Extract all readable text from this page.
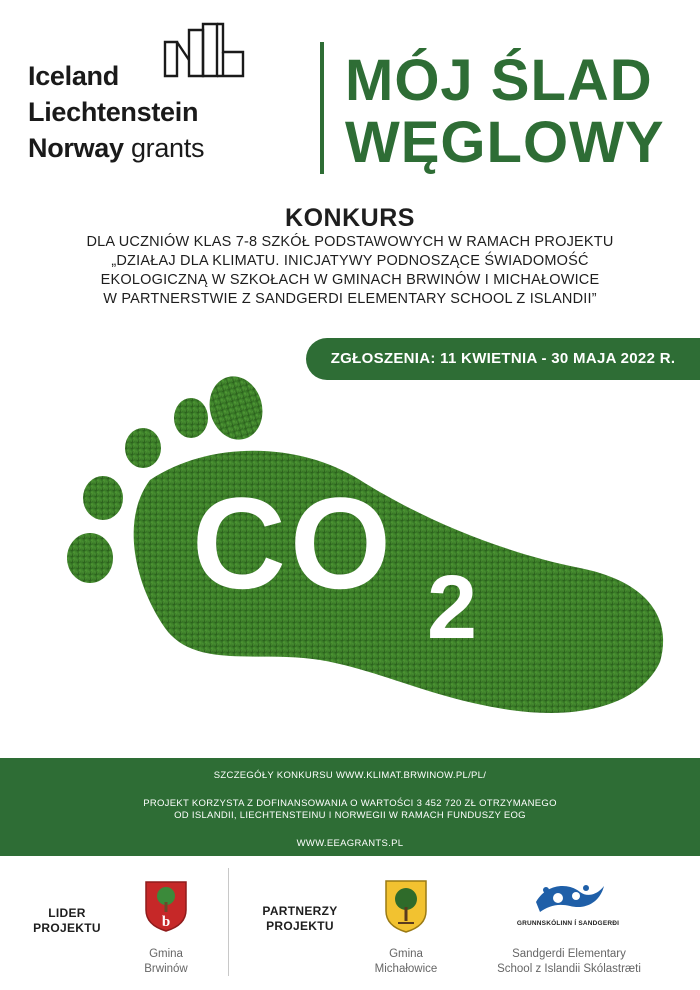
Iceland
Liechtenstein
Norway grants
MÓJ ŚLAD
WĘGLOWY
KONKURS
DLA UCZNIÓW KLAS 7-8 SZKÓŁ PODSTAWOWYCH W RAMACH PROJEKTU
„DZIAŁAJ DLA KLIMATU. INICJATYWY PODNOSZĄCE ŚWIADOMOŚĆ
EKOLOGICZNĄ W SZKOŁACH W GMINACH BRWINÓW I MICHAŁOWICE
W PARTNERSTWIE Z SANDGERDI ELEMENTARY SCHOOL Z ISLANDII”
CO 2
ZGŁOSZENIA: 11 KWIETNIA - 30 MAJA 2022 R.
SZCZEGÓŁY KONKURSU WWW.KLIMAT.BRWINOW.PL/PL/
PROJEKT KORZYSTA Z DOFINANSOWANIA O WARTOŚCI 3 452 720 ZŁ OTRZYMANEGO
OD ISLANDII, LIECHTENSTEINU I NORWEGII W RAMACH FUNDUSZY EOG
WWW.EEAGRANTS.PL
LIDER
PROJEKTU	b
Gmina
Brwinów
PARTNERZY
PROJEKTU
Gmina
Michałowice
GRUNNSKÓLINN Í SANDGERÐI
Sandgerdi Elementary
School z Islandii Skólastræti
